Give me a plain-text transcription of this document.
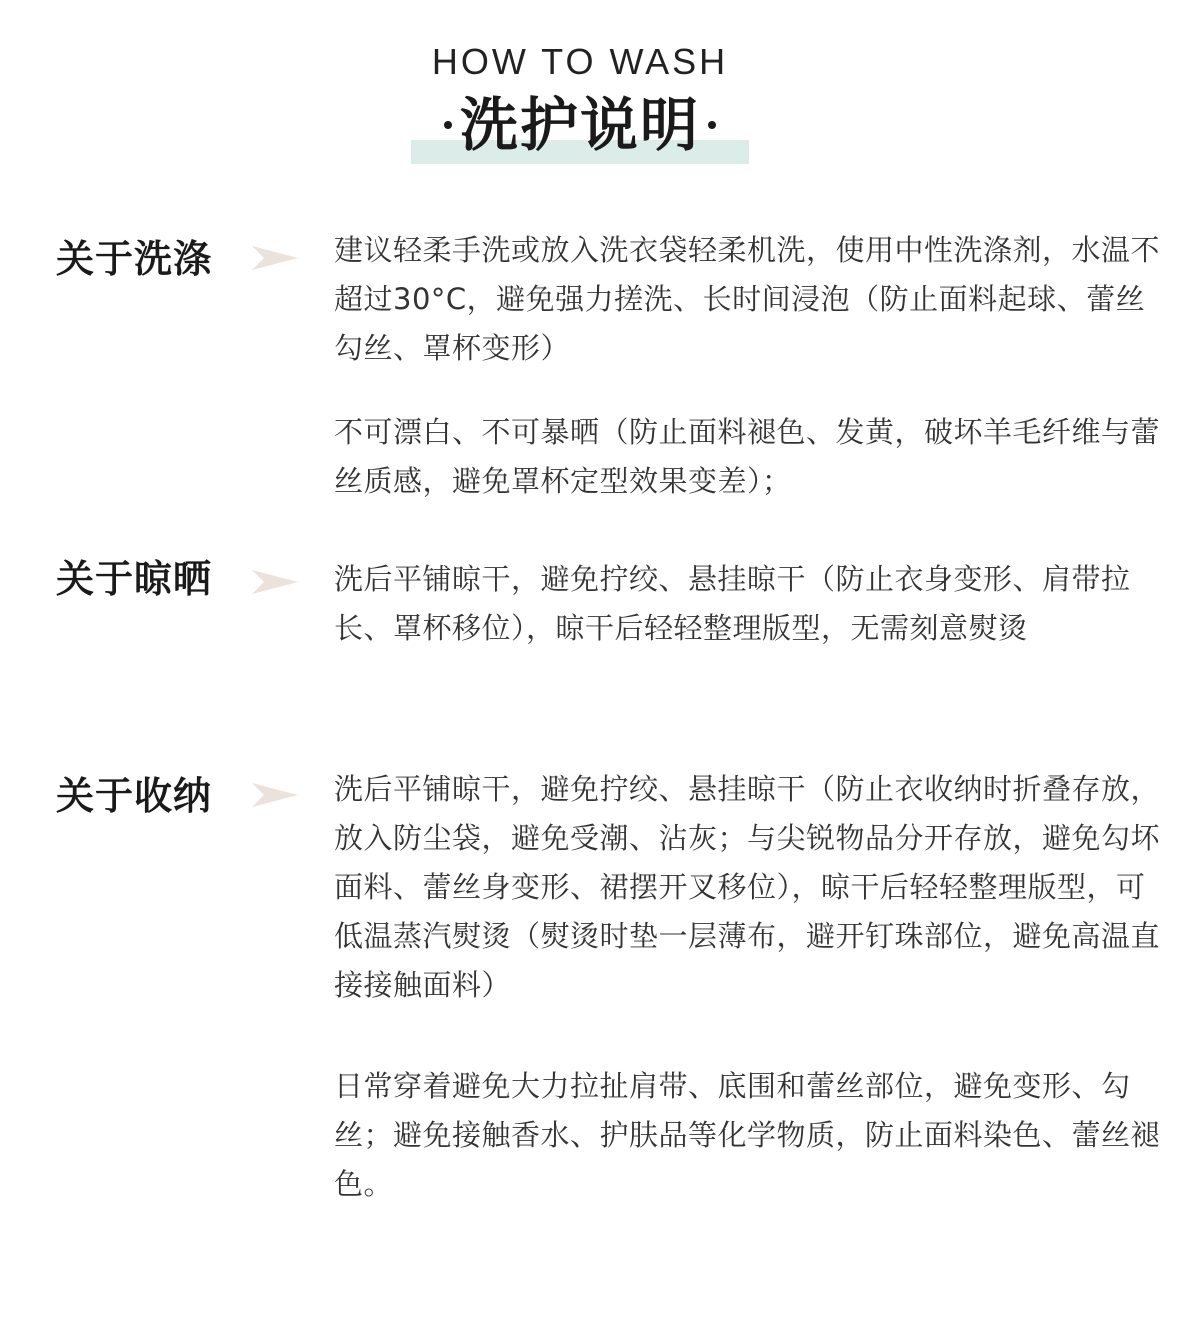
HOW TO WASH
洗护说明
关于洗涤	建议轻柔手洗或放入洗衣袋轻柔机洗，使用中性洗涤剂，水温不超过30°C，避免强力搓洗、长时间浸泡（防止面料起球、蕾丝勾丝、罩杯变形）

不可漂白、不可暴晒（防止面料褪色、发黄，破坏羊毛纤维与蕾丝质感，避免罩杯定型效果变差）；

关于晾晒	洗后平铺晾干，避免拧绞、悬挂晾干（防止衣身变形、肩带拉长、罩杯移位），晾干后轻轻整理版型，无需刻意熨烫

关于收纳	洗后平铺晾干，避免拧绞、悬挂晾干（防止衣收纳时折叠存放，放入防尘袋，避免受潮、沾灰；与尖锐物品分开存放，避免勾坏面料、蕾丝身变形、裙摆开叉移位），晾干后轻轻整理版型，可低温蒸汽熨烫（熨烫时垫一层薄布，避开钉珠部位，避免高温直接接触面料）

日常穿着避免大力拉扯肩带、底围和蕾丝部位，避免变形、勾丝；避免接触香水、护肤品等化学物质，防止面料染色、蕾丝褪色。
